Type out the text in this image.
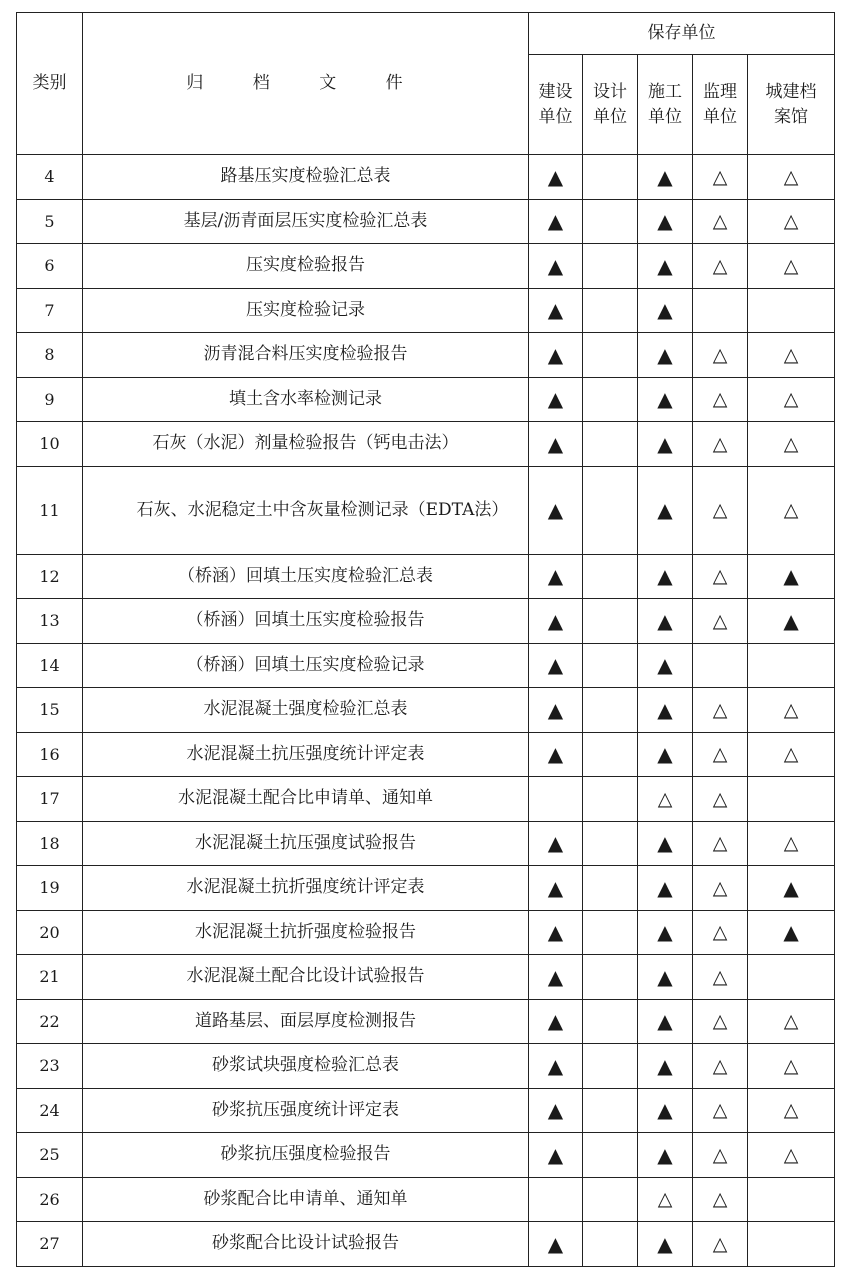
类别	归 档 文 件	保存单位				
		建设单位	设计单位	施工单位	监理单位	城建档案馆
4	路基压实度检验汇总表	▲		▲	△	△
5	基层/沥青面层压实度检验汇总表	▲		▲	△	△
6	压实度检验报告	▲		▲	△	△
7	压实度检验记录	▲		▲		
8	沥青混合料压实度检验报告	▲		▲	△	△
9	填土含水率检测记录	▲		▲	△	△
10	石灰（水泥）剂量检验报告（钙电击法）	▲		▲	△	△
11	石灰、水泥稳定土中含灰量检测记录（EDTA法）	▲		▲	△	△
12	（桥涵）回填土压实度检验汇总表	▲		▲	△	▲
13	（桥涵）回填土压实度检验报告	▲		▲	△	▲
14	（桥涵）回填土压实度检验记录	▲		▲		
15	水泥混凝土强度检验汇总表	▲		▲	△	△
16	水泥混凝土抗压强度统计评定表	▲		▲	△	△
17	水泥混凝土配合比申请单、通知单			△	△	
18	水泥混凝土抗压强度试验报告	▲		▲	△	△
19	水泥混凝土抗折强度统计评定表	▲		▲	△	▲
20	水泥混凝土抗折强度检验报告	▲		▲	△	▲
21	水泥混凝土配合比设计试验报告	▲		▲	△	
22	道路基层、面层厚度检测报告	▲		▲	△	△
23	砂浆试块强度检验汇总表	▲		▲	△	△
24	砂浆抗压强度统计评定表	▲		▲	△	△
25	砂浆抗压强度检验报告	▲		▲	△	△
26	砂浆配合比申请单、通知单			△	△	
27	砂浆配合比设计试验报告	▲		▲	△	
